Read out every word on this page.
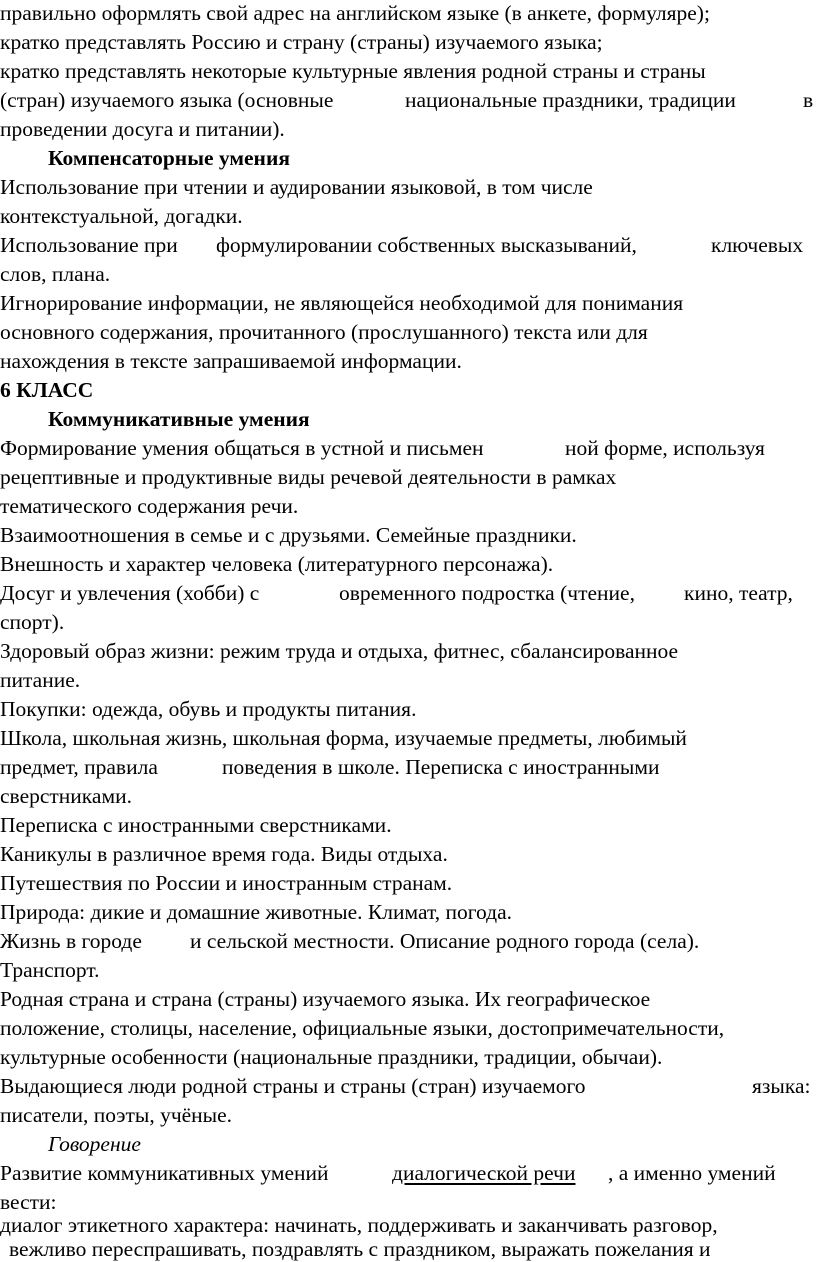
правильно оформлять свой адрес на английском языке (в анкете, формуляре);
кратко представлять Россию и страну (страны) изучаемого языка;
кратко представлять некоторые культурные явления родной страны и страны
(стран) изучаемого языка (основные	национальные праздники, традиции	в
проведении досуга и питании).
Компенсаторные умения
Использование при чтении и аудировании языковой, в том числе
контекстуальной, догадки.
Использование при формулировании собственных высказываний,	ключевых
слов, плана.
Игнорирование информации, не являющейся необходимой для понимания
основного содержания, прочитанного (прослушанного) текста или для
нахождения в тексте запрашиваемой информации.
6 КЛАСС
Коммуникативные умения
Формирование умения общаться в устной и письмен	ной форме, используя
рецептивные и продуктивные виды речевой деятельности в рамках
тематического содержания речи.
Взаимоотношения в семье и с друзьями. Семейные праздники.
Внешность и характер человека (литературного персонажа).
Досуг и увлечения (хобби) с	овременного подростка (чтение, кино, театр,
спорт).
Здоровый образ жизни: режим труда и отдыха, фитнес, сбалансированное
питание.
Покупки: одежда, обувь и продукты питания.
Школа, школьная жизнь, школьная форма, изучаемые предметы, любимый
предмет, правила	поведения в школе. Переписка с иностранными
сверстниками.
Переписка с иностранными сверстниками.
Каникулы в различное время года. Виды отдыха.
Путешествия по России и иностранным странам.
Природа: дикие и домашние животные. Климат, погода.
Жизнь в городе и сельской местности. Описание родного города (села).
Транспорт.
Родная страна и страна (страны) изучаемого языка. Их географическое
положение, столицы, население, официальные языки, достопримечательности,
культурные особенности (национальные праздники, традиции, обычаи).
Выдающиеся люди родной страны и страны (стран) изучаемого	языка:
писатели, поэты, учёные.
Говорение
Развитие коммуникативных умений	диалогической речи , а именно умений
вести:
диалог этикетного характера: начинать, поддерживать и заканчивать разговор,
вежливо переспрашивать, поздравлять с праздником, выражать пожелания и
